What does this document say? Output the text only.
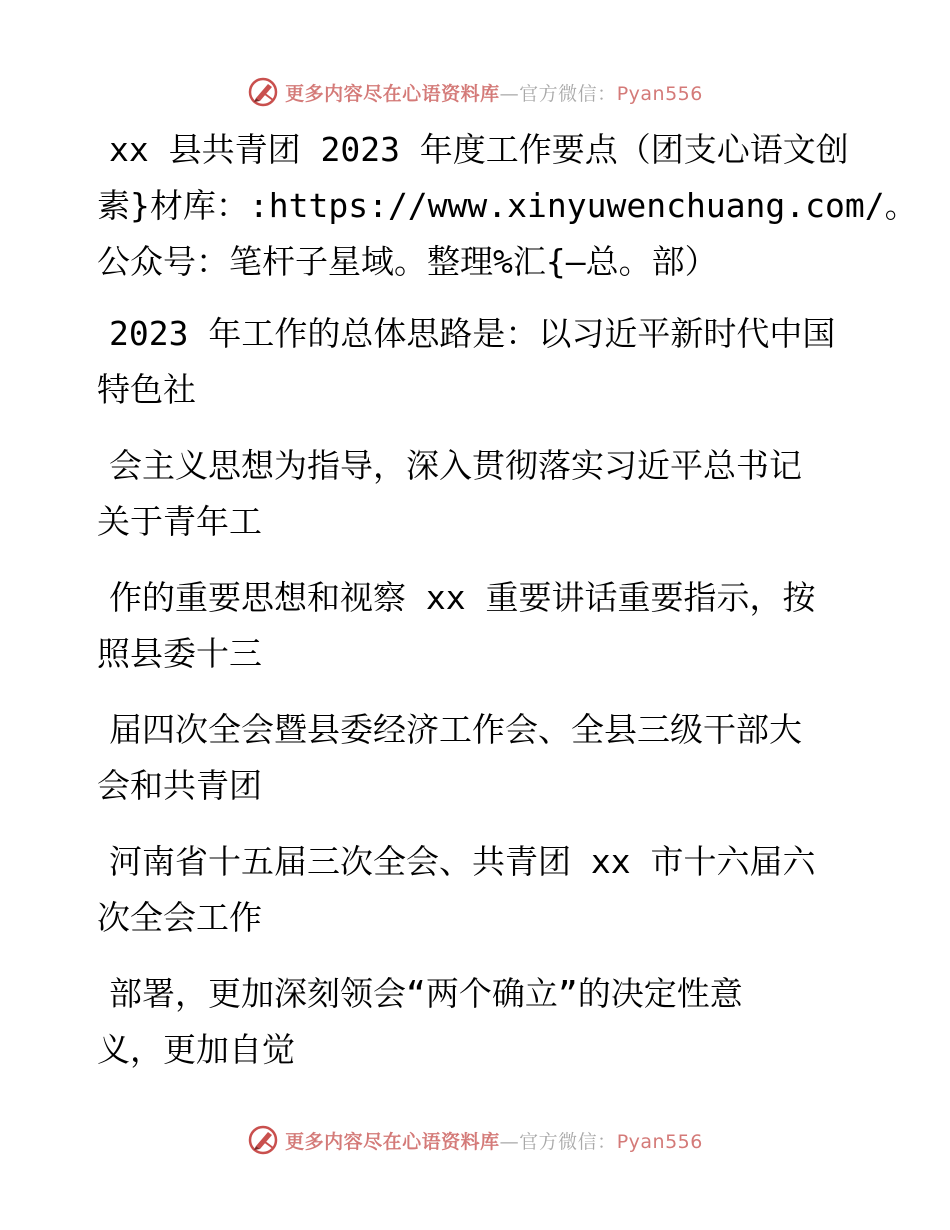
更多内容尽在心语资料库—官方微信：Pyan556

xx 县共青团 2023 年度工作要点（团支心语文创
素}材库：:https://www.xinyuwenchuang.com/。
公众号：笔杆子星域。整理%汇{—总。部）

2023 年工作的总体思路是：以习近平新时代中国
特色社

会主义思想为指导，深入贯彻落实习近平总书记
关于青年工

作的重要思想和视察 xx 重要讲话重要指示，按
照县委十三

届四次全会暨县委经济工作会、全县三级干部大
会和共青团

河南省十五届三次全会、共青团 xx 市十六届六
次全会工作

部署，更加深刻领会“两个确立”的决定性意
义，更加自觉

更多内容尽在心语资料库—官方微信：Pyan556
